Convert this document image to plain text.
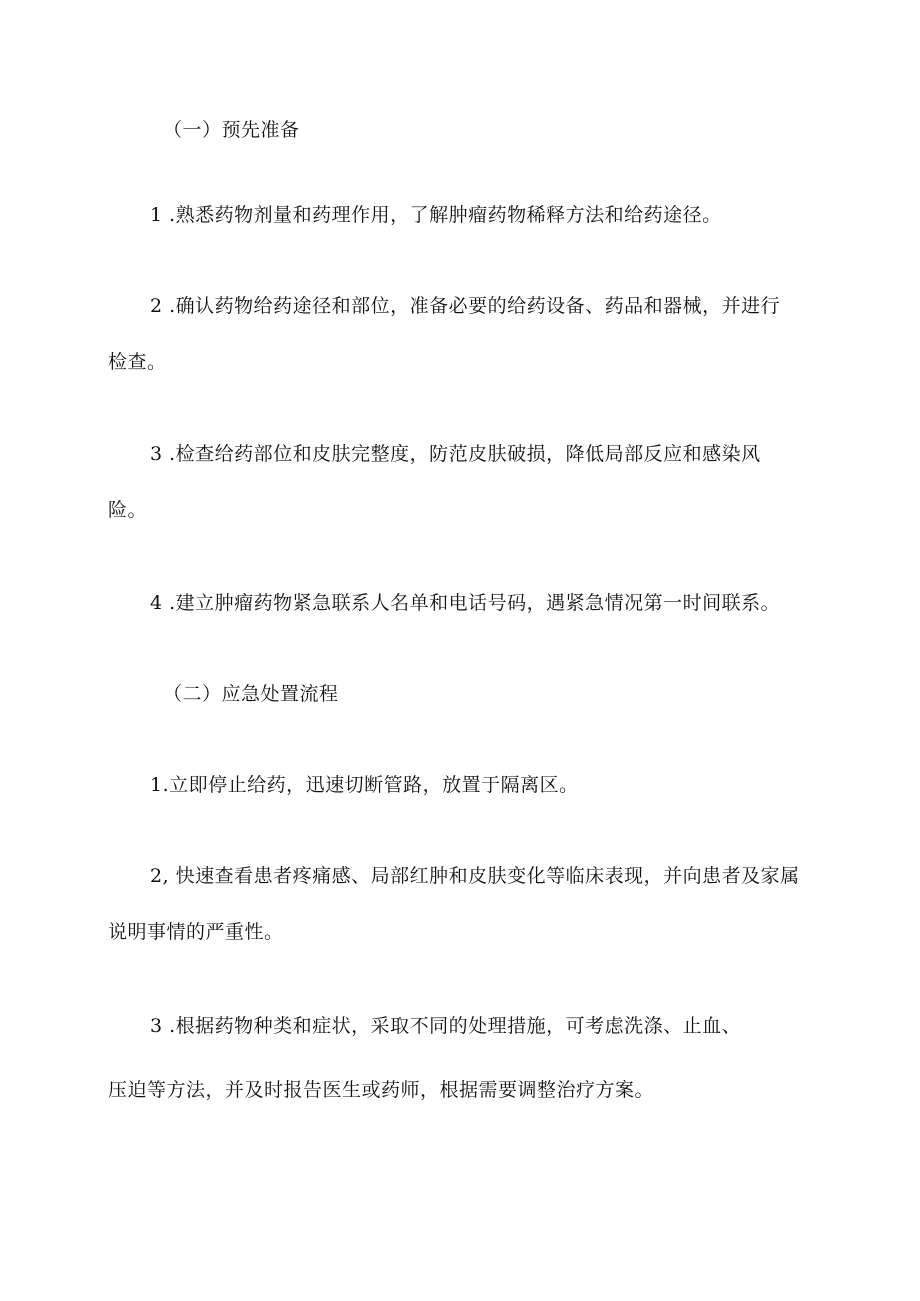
（一）预先准备
1 .熟悉药物剂量和药理作用，了解肿瘤药物稀释方法和给药途径。
2 .确认药物给药途径和部位，准备必要的给药设备、药品和器械，并进行
检查。
3 .检查给药部位和皮肤完整度，防范皮肤破损，降低局部反应和感染风
险。
4 .建立肿瘤药物紧急联系人名单和电话号码，遇紧急情况第一时间联系。
（二）应急处置流程
1.立即停止给药，迅速切断管路，放置于隔离区。
2, 快速查看患者疼痛感、局部红肿和皮肤变化等临床表现，并向患者及家属
说明事情的严重性。
3 .根据药物种类和症状，采取不同的处理措施，可考虑洗涤、止血、
压迫等方法，并及时报告医生或药师，根据需要调整治疗方案。
